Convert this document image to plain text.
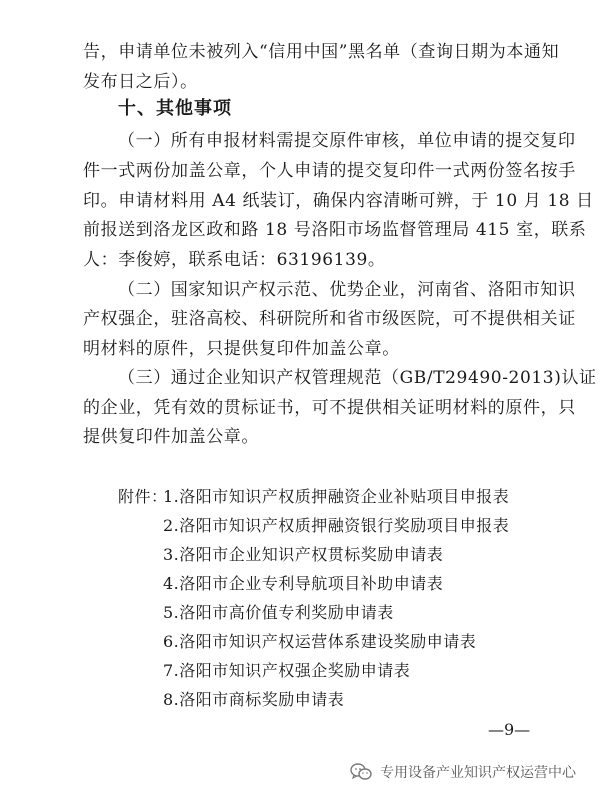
告，申请单位未被列入“信用中国”黑名单（查询日期为本通知
发布日之后）。
十、其他事项
（一）所有申报材料需提交原件审核，单位申请的提交复印
件一式两份加盖公章，个人申请的提交复印件一式两份签名按手
印。申请材料用 A4 纸装订，确保内容清晰可辨，于 10 月 18 日
前报送到洛龙区政和路 18 号洛阳市场监督管理局 415 室，联系
人：李俊婷，联系电话：63196139。
（二）国家知识产权示范、优势企业，河南省、洛阳市知识
产权强企，驻洛高校、科研院所和省市级医院，可不提供相关证
明材料的原件，只提供复印件加盖公章。
（三）通过企业知识产权管理规范（GB/T29490-2013)认证
的企业，凭有效的贯标证书，可不提供相关证明材料的原件，只
提供复印件加盖公章。
附件：
1.洛阳市知识产权质押融资企业补贴项目申报表
2.洛阳市知识产权质押融资银行奖励项目申报表
3.洛阳市企业知识产权贯标奖励申请表
4.洛阳市企业专利导航项目补助申请表
5.洛阳市高价值专利奖励申请表
6.洛阳市知识产权运营体系建设奖励申请表
7.洛阳市知识产权强企奖励申请表
8.洛阳市商标奖励申请表
—9—
专用设备产业知识产权运营中心
